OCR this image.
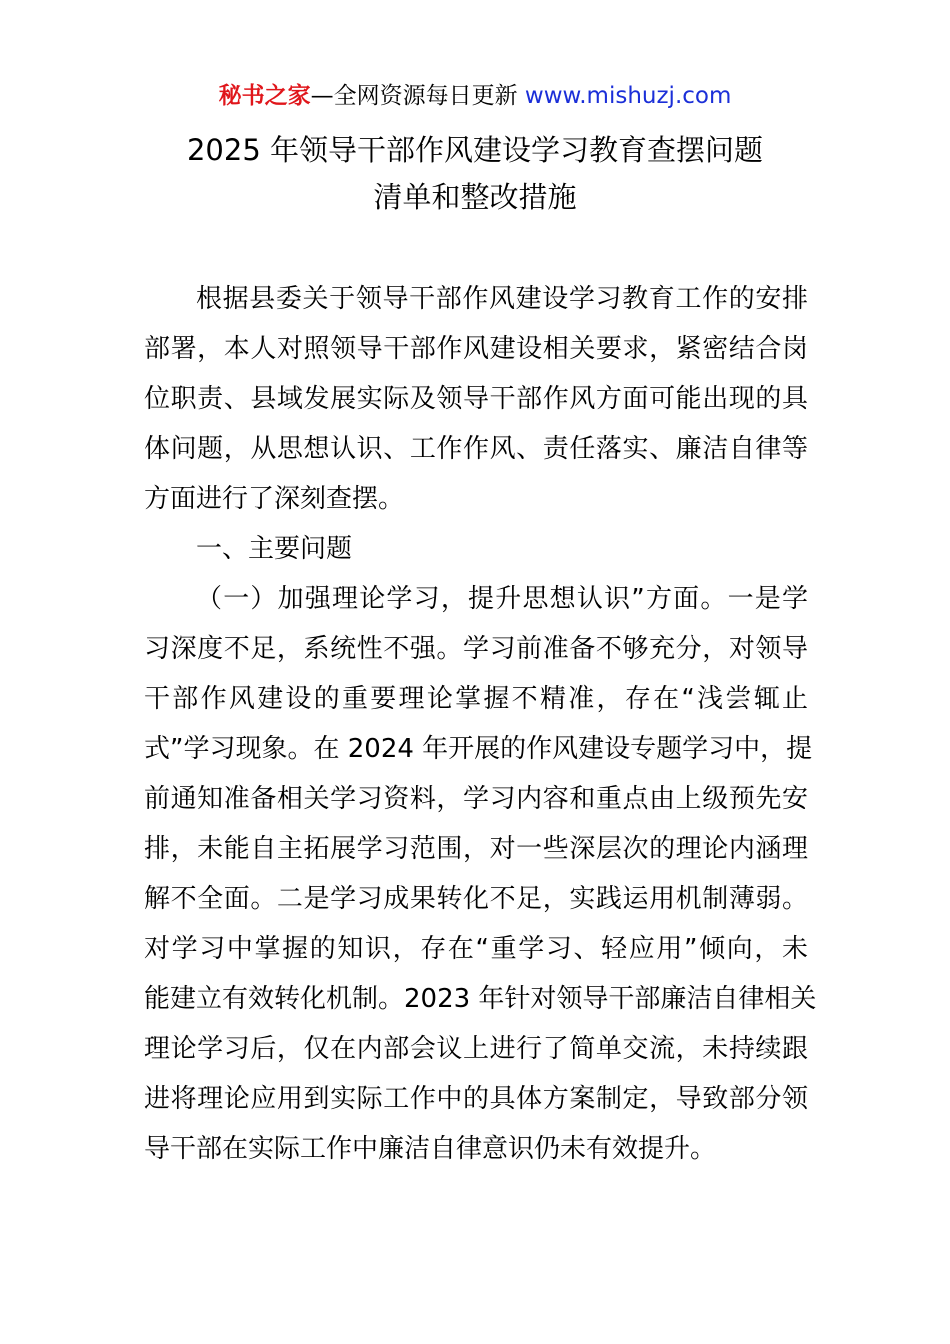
秘书之家—全网资源每日更新 www.mishuzj.com
2025 年领导干部作风建设学习教育查摆问题
清单和整改措施

根据县委关于领导干部作风建设学习教育工作的安排
部署，本人对照领导干部作风建设相关要求，紧密结合岗
位职责、县域发展实际及领导干部作风方面可能出现的具
体问题，从思想认识、工作作风、责任落实、廉洁自律等
方面进行了深刻查摆。

一、主要问题

（一）加强理论学习，提升思想认识”方面。一是学
习深度不足，系统性不强。学习前准备不够充分，对领导
干部作风建设的重要理论掌握不精准，存在“浅尝辄止
式”学习现象。在 2024 年开展的作风建设专题学习中，提
前通知准备相关学习资料，学习内容和重点由上级预先安
排，未能自主拓展学习范围，对一些深层次的理论内涵理
解不全面。二是学习成果转化不足，实践运用机制薄弱。
对学习中掌握的知识，存在“重学习、轻应用”倾向，未
能建立有效转化机制。2023 年针对领导干部廉洁自律相关
理论学习后，仅在内部会议上进行了简单交流，未持续跟
进将理论应用到实际工作中的具体方案制定，导致部分领
导干部在实际工作中廉洁自律意识仍未有效提升。
